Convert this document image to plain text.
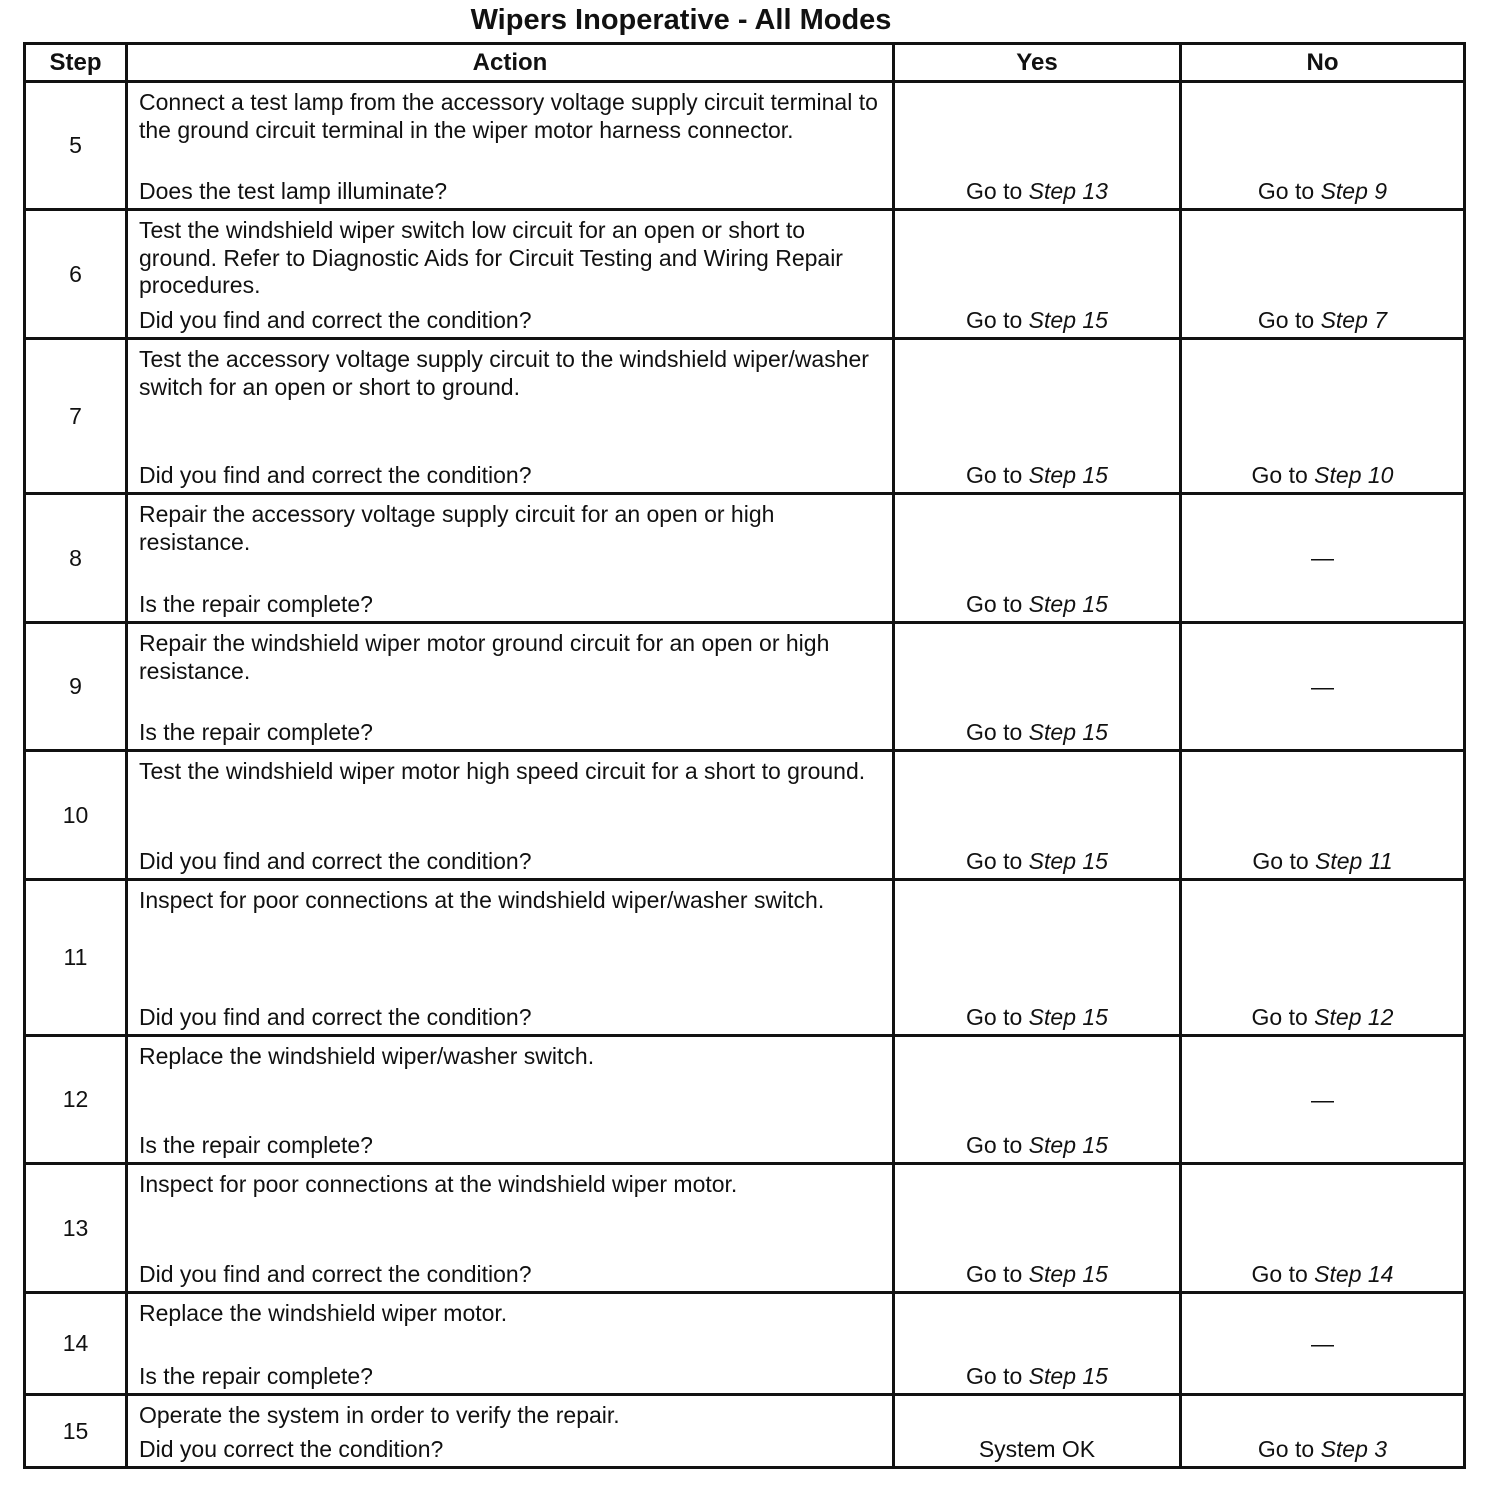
Wipers Inoperative - All Modes
Step	Action	Yes	No
5	Connect a test lamp from the accessory voltage supply circuit terminal to the ground circuit terminal in the wiper motor harness connector.
Does the test lamp illuminate?	Go to Step 13	Go to Step 9

6	Test the windshield wiper switch low circuit for an open or short to ground. Refer to Diagnostic Aids for Circuit Testing and Wiring Repair procedures.
Did you find and correct the condition?	Go to Step 15	Go to Step 7

7	Test the accessory voltage supply circuit to the windshield wiper/washer switch for an open or short to ground.
Did you find and correct the condition?	Go to Step 15	Go to Step 10

8	Repair the accessory voltage supply circuit for an open or high resistance.
Is the repair complete?	Go to Step 15	—

9	Repair the windshield wiper motor ground circuit for an open or high resistance.
Is the repair complete?	Go to Step 15	—

10	Test the windshield wiper motor high speed circuit for a short to ground.
Did you find and correct the condition?	Go to Step 15	Go to Step 11

11	Inspect for poor connections at the windshield wiper/washer switch.
Did you find and correct the condition?	Go to Step 15	Go to Step 12

12	Replace the windshield wiper/washer switch.
Is the repair complete?	Go to Step 15	—

13	Inspect for poor connections at the windshield wiper motor.
Did you find and correct the condition?	Go to Step 15	Go to Step 14

14	Replace the windshield wiper motor.
Is the repair complete?	Go to Step 15	—

15	Operate the system in order to verify the repair.
Did you correct the condition?	System OK	Go to Step 3
